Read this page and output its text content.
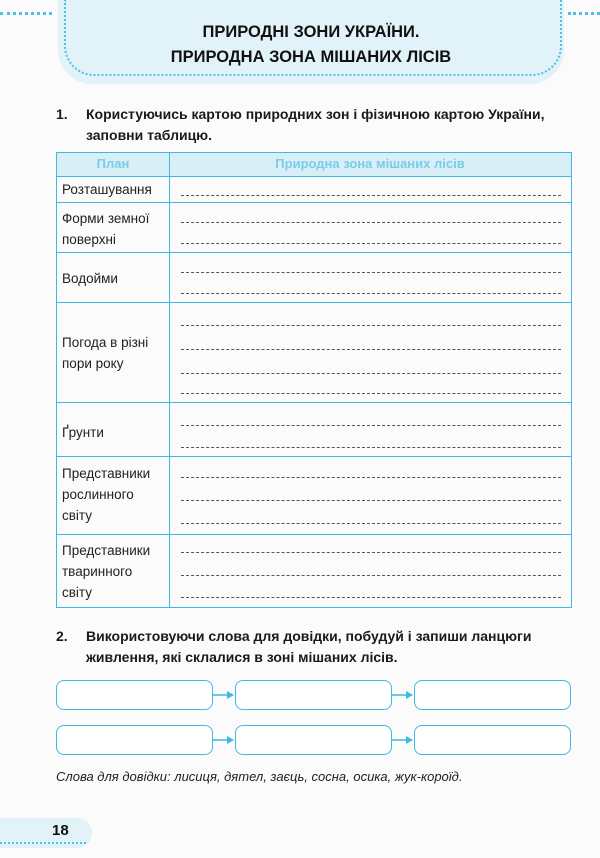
ПРИРОДНІ ЗОНИ УКРАЇНИ.
ПРИРОДНА ЗОНА МІШАНИХ ЛІСІВ
1. Користуючись картою природних зон і фізичною картою України, заповни таблицю.
План	Природна зона мішаних лісів
Розташування
Форми земної поверхні
Водойми
Погода в різні пори року
Ґрунти
Представники рослинного світу
Представники тваринного світу
2. Використовуючи слова для довідки, побудуй і запиши ланцюги живлення, які склалися в зоні мішаних лісів.
Слова для довідки: лисиця, дятел, заєць, сосна, осика, жук-короїд.
18
